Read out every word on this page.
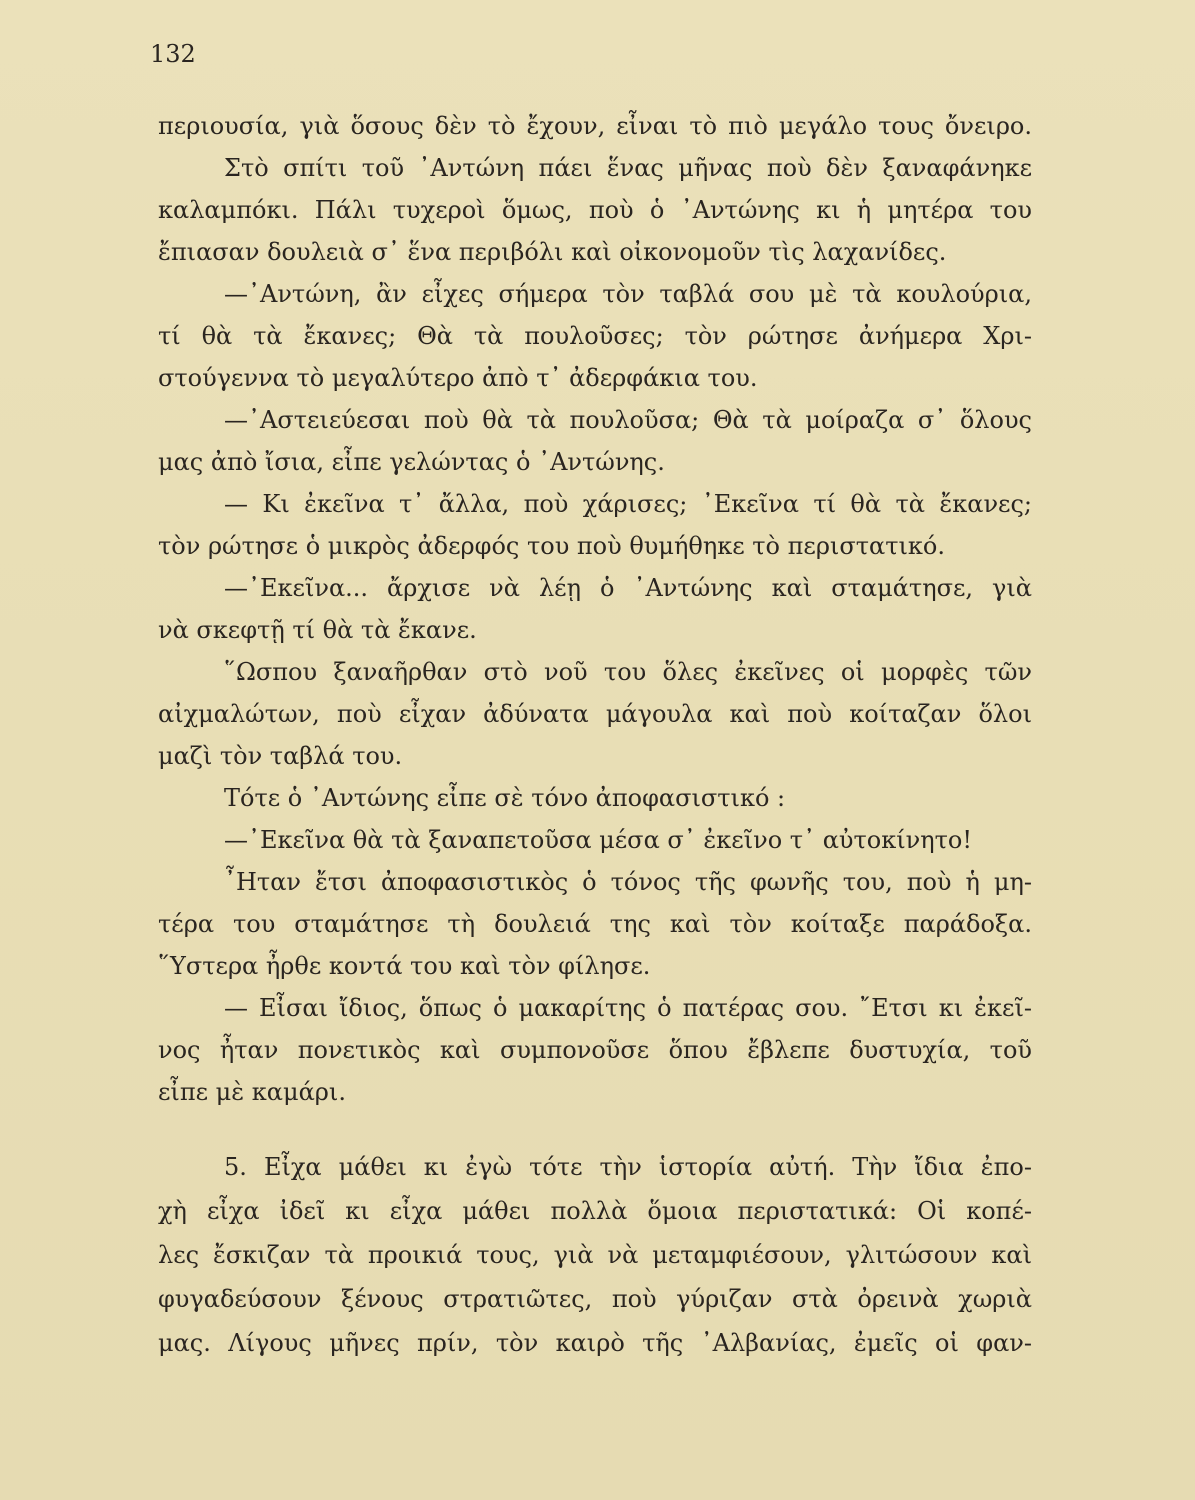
132
περιουσία, γιὰ ὅσους δὲν τὸ ἔχουν, εἶναι τὸ πιὸ μεγάλο τους ὄνειρο.
Στὸ σπίτι τοῦ ᾿Αντώνη πάει ἕνας μῆνας ποὺ δὲν ξαναφάνηκε
καλαμπόκι. Πάλι τυχεροὶ ὅμως, ποὺ ὁ ᾿Αντώνης κι ἡ μητέρα του
ἔπιασαν δουλειὰ σ᾿ ἕνα περιβόλι καὶ οἰκονομοῦν τὶς λαχανίδες.
—᾿Αντώνη, ἂν εἶχες σήμερα τὸν ταβλά σου μὲ τὰ κουλούρια,
τί θὰ τὰ ἔκανες; Θὰ τὰ πουλοῦσες; τὸν ρώτησε ἀνήμερα Χρι-
στούγεννα τὸ μεγαλύτερο ἀπὸ τ᾿ ἀδερφάκια του.
—᾿Αστειεύεσαι ποὺ θὰ τὰ πουλοῦσα; Θὰ τὰ μοίραζα σ᾿ ὅλους
μας ἀπὸ ἴσια, εἶπε γελώντας ὁ ᾿Αντώνης.
— Κι ἐκεῖνα τ᾿ ἄλλα, ποὺ χάρισες; ᾿Εκεῖνα τί θὰ τὰ ἔκανες;
τὸν ρώτησε ὁ μικρὸς ἀδερφός του ποὺ θυμήθηκε τὸ περιστατικό.
—᾿Εκεῖνα... ἄρχισε νὰ λέῃ ὁ ᾿Αντώνης καὶ σταμάτησε, γιὰ
νὰ σκεφτῇ τί θὰ τὰ ἔκανε.
῞Ωσπου ξαναῆρθαν στὸ νοῦ του ὅλες ἐκεῖνες οἱ μορφὲς τῶν
αἰχμαλώτων, ποὺ εἶχαν ἀδύνατα μάγουλα καὶ ποὺ κοίταζαν ὅλοι
μαζὶ τὸν ταβλά του.
Τότε ὁ ᾿Αντώνης εἶπε σὲ τόνο ἀποφασιστικό :
—᾿Εκεῖνα θὰ τὰ ξαναπετοῦσα μέσα σ᾿ ἐκεῖνο τ᾿ αὐτοκίνητο!
῏Ηταν ἔτσι ἀποφασιστικὸς ὁ τόνος τῆς φωνῆς του, ποὺ ἡ μη-
τέρα του σταμάτησε τὴ δουλειά της καὶ τὸν κοίταξε παράδοξα.
῞Υστερα ἦρθε κοντά του καὶ τὸν φίλησε.
— Εἶσαι ἴδιος, ὅπως ὁ μακαρίτης ὁ πατέρας σου. ῎Ετσι κι ἐκεῖ-
νος ἦταν πονετικὸς καὶ συμπονοῦσε ὅπου ἔβλεπε δυστυχία, τοῦ
εἶπε μὲ καμάρι.
5. Εἶχα μάθει κι ἐγὼ τότε τὴν ἱστορία αὐτή. Τὴν ἴδια ἐπο-
χὴ εἶχα ἰδεῖ κι εἶχα μάθει πολλὰ ὅμοια περιστατικά: Οἱ κοπέ-
λες ἔσκιζαν τὰ προικιά τους, γιὰ νὰ μεταμφιέσουν, γλιτώσουν καὶ
φυγαδεύσουν ξένους στρατιῶτες, ποὺ γύριζαν στὰ ὀρεινὰ χωριὰ
μας. Λίγους μῆνες πρίν, τὸν καιρὸ τῆς ᾿Αλβανίας, ἐμεῖς οἱ φαν-
